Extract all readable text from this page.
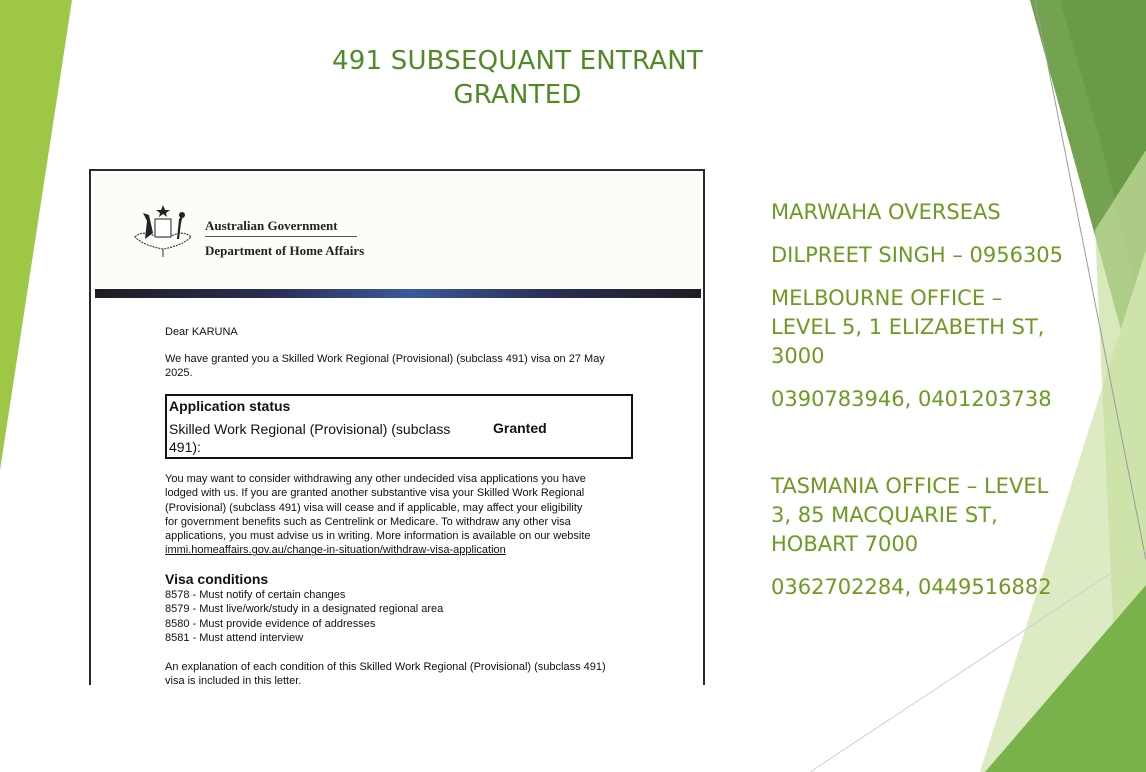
491 SUBSEQUANT ENTRANT
GRANTED
Australian Government
Department of Home Affairs
Dear KARUNA
We have granted you a Skilled Work Regional (Provisional) (subclass 491) visa on 27 May
2025.
Application status
Skilled Work Regional (Provisional) (subclass
491):
Granted
You may want to consider withdrawing any other undecided visa applications you have
lodged with us. If you are granted another substantive visa your Skilled Work Regional
(Provisional) (subclass 491) visa will cease and if applicable, may affect your eligibility
for government benefits such as Centrelink or Medicare. To withdraw any other visa
applications, you must advise us in writing. More information is available on our website
immi.homeaffairs.gov.au/change-in-situation/withdraw-visa-application
Visa conditions
8578 - Must notify of certain changes
8579 - Must live/work/study in a designated regional area
8580 - Must provide evidence of addresses
8581 - Must attend interview
An explanation of each condition of this Skilled Work Regional (Provisional) (subclass 491)
visa is included in this letter.

MARWAHA OVERSEAS

DILPREET SINGH – 0956305

MELBOURNE OFFICE –

LEVEL 5, 1 ELIZABETH ST,

3000

0390783946, 0401203738

TASMANIA OFFICE – LEVEL

3, 85 MACQUARIE ST,

HOBART 7000

0362702284, 0449516882
